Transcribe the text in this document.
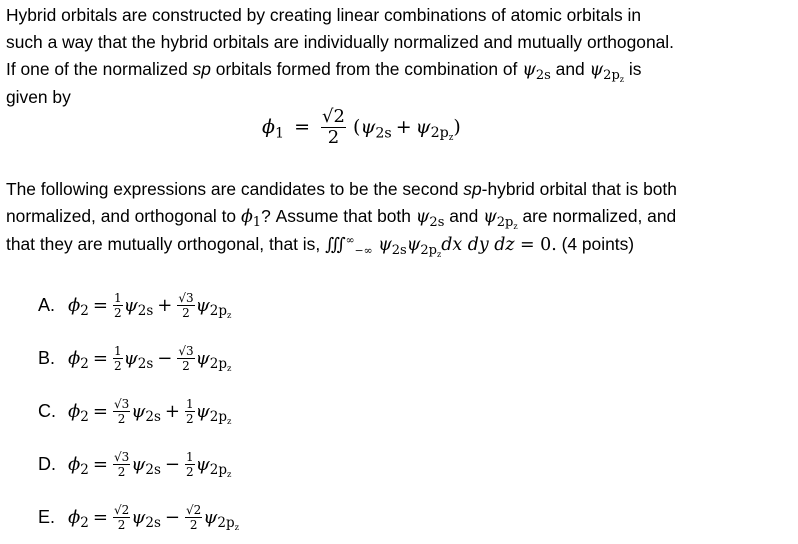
Hybrid orbitals are constructed by creating linear combinations of atomic orbitals in

such a way that the hybrid orbitals are individually normalized and mutually orthogonal.

If one of the normalized sp orbitals formed from the combination of $\psi_{2s}$ and $\psi_{2p_z}$ is

given by

$\phi_1 = \frac{√2}{2} (\psi_{2s} + \psi_{2p_z})$

The following expressions are candidates to be the second sp-hybrid orbital that is both

normalized, and orthogonal to $\phi_1$? Assume that both $\psi_{2s}$ and $\psi_{2p_z}$ are normalized, and

that they are mutually orthogonal, that is, $∭^\infty_{-\infty}$ $\psi_{2s}\psi_{2p_z}dx$ dy dz = 0. (4 points)

A. $\phi_2 = \frac{1}{2} \psi_{2s} + \frac{√3}{2} \psi_{2p_z}$
B. $\phi_2 = \frac{1}{2} \psi_{2s} - \frac{√3}{2} \psi_{2p_z}$
C. $\phi_2 = \frac{√3}{2} \psi_{2s} + \frac{1}{2} \psi_{2p_z}$
D. $\phi_2 = \frac{√3}{2} \psi_{2s} - \frac{1}{2} \psi_{2p_z}$
E. $\phi_2 = \frac{√2}{2} \psi_{2s} - \frac{√2}{2} \psi_{2p_z}$
